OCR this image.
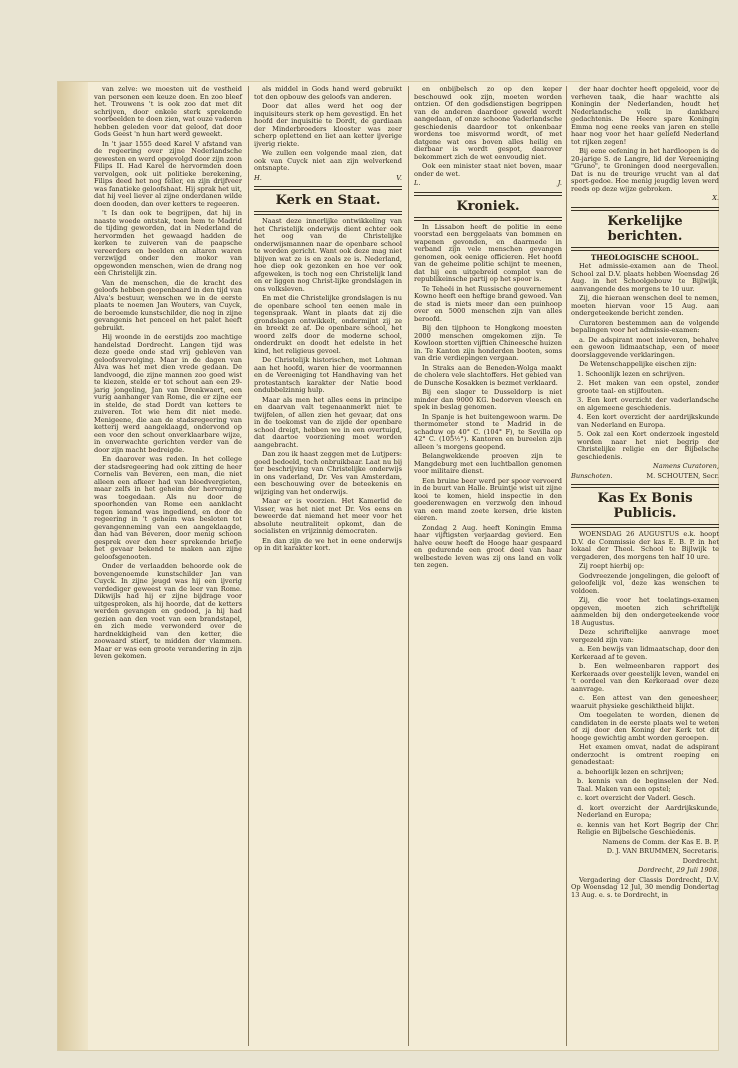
van zelve: we moesten uit de vestheid van personen een keuze doen. En zoo bleef het. Trouwens 't is ook zoo dat met dit schrijven, door enkele sterk sprekende voorbeelden te doen zien, wat ouze vaderen hebben geleden voor dat geloof, dat door Gods Geest 'n hun hart werd geweekt.

In 't jaar 1555 deed Karel V afstand van de regeering over zijne Nederlandsche gewesten en werd opgevolgd door zijn zoon Filips II. Had Karel de hervormden doen vervolgen, ook uit politieke berekening, Filips deed het nog feller, en zijn drijfveer was fanatieke geloofshaat. Hij sprak het uit, dat hij veel liever al zijne onderdanen wilde doen dooden, dan over ketters te regeeren.

't Is dan ook te begrijpen, dat hij in naaste woede ontstak, toen hem te Madrid de tijding geworden, dat in Nederland de hervormden het gewaagd hadden de kerken te zuiveren van de paapsche vereerders en beelden en altaren waren verzwijgd onder den mokor van opgewonden menschen, wien de drang nog een Christelijk zin.

Van de menschen, die de kracht des geloofs hebben geopenbaard in den tijd van Alva's bestuur, wenschen we in de eerste plaats te noemen Jan Wouters, van Cuyck, de beroemde kunstschilder, die nog in zijne gevangenis het penceel en het palet heeft gebruikt.

Hij woonde in de eerstijds zoo machtige handelstad Dordrecht. Langen tijd was deze goede onde stad vrij gebleven van geloofsvervolging. Maar in de dagen van Alva was het met dien vrede gedaan. De landvoogd, die zijne mannen zoo goed wist te kiezen, stelde er tot schout aan een 29-jarig jongeling, Jan van Drenkwaert, een vurig aanhanger van Rome, die er zijne eer in stelde, de stad Dordt van ketters te zuiveren. Tot wie hem dit niet mede. Menigeene, die aan de stadsregeering van ketterij werd aangeklaagd, ondervond op een voor den schout onverklaarbare wijze, in onverwachte gerichten verder van de door zijn macht bedreigde.

En daarover was reden. In het college der stadsregeering had ook zitting de heer Cornelis van Beveren, een man, die niet alleen een afkeer had van bloedvergieten, maar zelfs in het geheim der hervorming was toegedaan. Als nu door de spoorhonden van Rome een aanklacht tegen iemand was ingediend, en door de regeering in 't geheim was besloten tot gevangenneming van een aangeklaagde, dan had van Beveren, door menig schoon gesprek over den heer sprekende briefje het gevaar bekend te maken aan zijne geloofsgenooten.

Onder de verlaadden behoorde ook de bovengenoemde kunstschilder Jan van Cuyck. In zijne jeugd was hij een ijverig verdediger geweest van de leer van Rome. Dikwijls had hij er zijne bijdrage voor uitgesproken, als hij hoorde, dat de ketters werden gevangen en gedood, ja hij had gezien aan den voet van een brandstapel, en zich mede verwonderd over de hardnekkigheid van den ketter, die zoowaard stierf, te midden der vlammen. Maar er was een groote verandering in zijn leven gekomen.

als middel in Gods hand werd gebruikt tot den opbouw des geloofs van anderen.

Door dat alles werd het oog der inquisiteurs sterk op hem gevestigd. En het hoofd der inquisitie te Dordt, de gardiaan der Minderbroeders klooster was zeer scherp oplettend en liet aan ketter ijverige ijverig riekte.

We zullen een volgende maal zien, dat ook van Cuyck niet aan zijn welverkend ontsnapte.

H.	V.

Kerk en Staat.

Naast deze innerlijke ontwikkeling van het Christelijk onderwijs dient echter ook het oog van de Christelijke onderwijsmannen naar de openbare school te worden gericht. Want ook deze mag niet blijven wat ze is en zoals ze is. Nederland, hoe diep ook gezonken en hoe ver ook afgeweken, is toch nog een Christelijk land en er liggen nog Christ-lijke grondslagen in ons volksleven.

En met die Christelijke grondslagen is nu de openbare school ten eenen male in tegenspraak. Want in plaats dat zij die grondslagen ontwikkelt, ondermijnt zij ze en breekt ze af. De openbare school, het woord zelfs door de moderne school, onderdrukt en doodt het edelste in het kind, het religieus gevoel.

De Christelijk historischen, met Lohman aan het hoofd, waren hier de voormannen en de Vereeniging tot Handhaving van het protestantsch karakter der Natie bood ondubbelzinnig hulp.

Maar als men het alles eens in principe en daarvan valt tegenaanmerkt niet te twijfelen, of allen zien het gevaar, dat ons in de toekomst van de zijde der openbare school dreigt, hebben we in een overtuigd, dat daartoe voorziening moet worden aangebracht.

Dan zou ik haast zeggen met de Lutjpers: goed bedoeld, toch onbruikbaar. Laat nu bij ter beschrijving van Christelijke onderwijs in ons vaderland, Dr. Ves van Amsterdam, een beschouwing over de beteekenis en wijziging van het onderwijs.

Maar er is voorzien. Het Kamerlid de Visser, was het niet met Dr. Vos eens en beweerde dat niemand het meer voor het absolute neutraliteit opkomt, dan de socialisten en vrijzinnig democraten.

En dan zijn de we het in eene onderwijs op in dit karakter kort.

en onbijbelsch zo op den keper beschouwd ook zijn, moeten worden ontzien. Of den godsdienstigen begrippen van de anderen daardoor geweld wordt aangedaan, of onze schoone Vaderlandsche geschiedenis daardoor tot onkenbaar wordens toe misvormd wordt, of met datgene wat ons boven alles heilig en dierbaar is wordt gespot, daarover bekommert zich de wet eenvoudig niet.

Ook een minister staat niet boven, maar onder de wet.

L.	J.

Kroniek.

In Lissabon heeft de politie in eene voorstad een berggelaats van bommen en wapenen gevonden, en daarmede in verband zijn vele menschen gevangen genomen, ook eenige officieren. Het hoofd van de geheime politie schijnt te meenen, dat hij een uitgebreid complot van de republikeinsche partij op het spoor is.

Te Teheëi in het Russische gouvernement Kowno heeft een heftige brand gewoed. Van de stad is niets meer dan een puinhoop over en 5000 menschen zijn van alles beroofd.

Bij den tijphoon te Hongkong moesten 2000 menschen omgekomen zijn. Te Kowloon stortten vijftien Chineesche huizen in. Te Kanton zijn honderden booten, soms van drie verdiepingen vergaan.

In Straks aan de Beneden-Wolga maakt de cholera vele slachtoffers. Het gebied van de Dunsche Kosakken is bezmet verklaard.

Bij een slager te Dusseldorp is niet minder dan 9000 KG. bedorven vleesch en spek in beslag genomen.

In Spanje is het buitengewoon warm. De thermometer stond te Madrid in de schaduw op 40° C. (104° F), te Sevilla op 42° C. (105½°). Kantoren en bureelen zijn alleen 's morgens geopend.

Belangwekkende proeven zijn te Mangdeburg met een luchtballon genomen voor militaire dienst.

Een bruine beer werd per spoor vervoerd in de buurt van Halle. Bruintje wist uit zijne kooi te komen, hield inspectie in den goederenwagen en verzwolg den inhoud van een mand zoete kersen, drie kisten eieren.

Zondag 2 Aug. heeft Koningin Emma haar vijftigsten verjaardag gevierd. Een halve eeuw heeft de Hooge haar gespaard en gedurende een groot deel van haar welbestede leven was zij ons land en volk ten zegen.

der haar dochter heeft opgeleid, voor de verheven taak, die haar wachtte als Koningin der Nederlanden, houdt het Nederlandsche volk in dankbare gedachtenis. De Heere spare Koningin Emma nog eene reeks van jaren en stelle haar nog voor het haar geliefd Nederland tot rijken zegen!

Bij eene oefening in het hardloopen is de 20-jarige S. de Langre, lid der Vereeniging "Gruno", te Groningen dood neergevallen. Dat is nu de treurige vrucht van al dat sport-gedoe. Hoe menig jeugdig leven werd reeds op deze wijze gebroken.

X.

Kerkelijke berichten.

THEOLOGISCHE SCHOOL.

Het admissie-examen aan de Theol. School zal D.V. plaats hebben Woensdag 26 Aug. in het Schoolgebouw te Bijlwijk, aanvangende des morgens te 10 uur.

Zij, die hieraan wenschen deel te nemen, moeten hiervan voor 15 Aug. aan ondergeteekende bericht zenden.

Curatoren bestemmen aan de volgende bepalingen voor het admissie-examen:

a. De adspirant moet inleveren, behalve een gewoon lidmaatschap, een of meer doorslaggevende verklaringen.

De Wetenschappelijke eischen zijn:

1. Schoonlijk lezen en schrijven.

2. Het maken van een opstel, zonder groote taal- en stijlfouten.

3. Een kort overzicht der vaderlandsche en algemeene geschiedenis.

4. Een kort overzicht der aardrijkskunde van Nederland en Europa.

5. Ook zal een Kort onderzoek ingesteld worden naar het niet begrip der Christelijke religie en der Bijbelsche geschiedenis.

Namens Curatoren,

Bunschoten.	M. SCHOUTEN, Secr.

Kas Ex Bonis Publicis.

WOENSDAG 26 AUGUSTUS e.k. hoopt D.V. de Commissie der kas E. B. P. in het lokaal der Theol. School te Bijlwijk te vergaderen, des morgens ten half 10 ure.

Zij roept hierbij op:

Godvreezende jongelingen, die gelooft of geloofelijk vol, deze kas wenschen te voldoen.

Zij, die voor het toelatings-examen opgeven, moeten zich schriftelijk aanmelden bij den ondergeteekende voor 18 Augustus.

Deze schriftelijke aanvrage moet vergezeld zijn van:

a. Een bewijs van lidmaatschap, door den Kerkeraad af te geven.

b. Een welmeenbaren rapport des Kerkeraads over geestelijk leven, wandel en 't oordeel van den Kerkeraad over deze aanvrage.

c. Een attest van den geneesheer, waaruit physieke geschiktheid blijkt.

Om toegelaten te worden, dienen de candidaten in de eerste plaats wel te weten of zij door den Koning der Kerk tot dit hooge gewichtig ambt worden geroepen.

Het examen omvat, nadat de adspirant onderzocht is omtrent roeping en genadestaat:

a. behoorlijk lezen en schrijven;

b. kennis van de beginselen der Ned. Taal. Maken van een opstel;

c. kort overzicht der Vaderl. Gesch.

d. kort overzicht der Aardrijkskunde, Nederland en Europa;

e. kennis van het Kort Begrip der Chr. Religie en Bijbelsche Geschiedenis.

Namens de Comm. der Kas E. B. P.

D. J. VAN BRUMMEN, Secretaris.

Dordrecht.

Dordrecht, 29 Juli 1908.

Vergadering der Classis Dordrecht, D.V. Op Woensdag 12 Jul, 30 mendig Dondertag 13 Aug. e. s. te Dordrecht, in
